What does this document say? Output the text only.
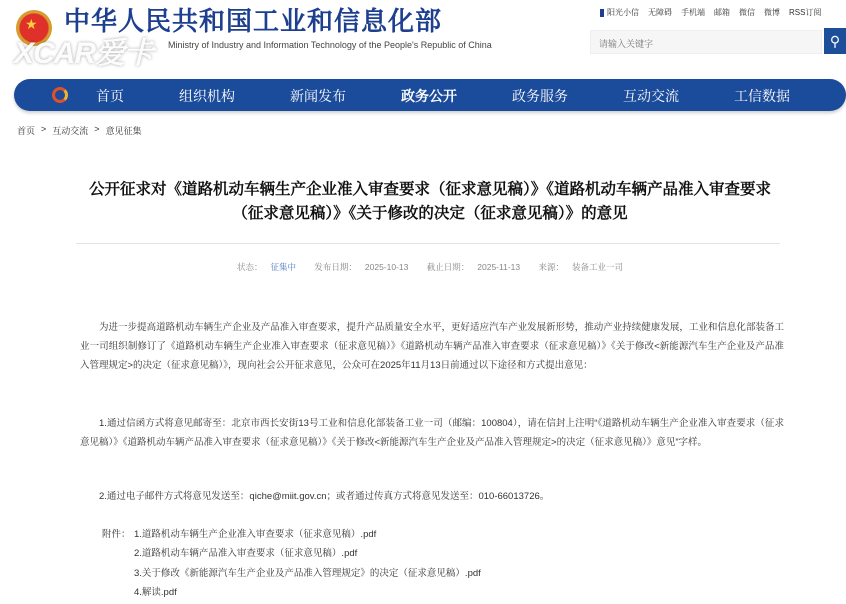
★ 中华人民共和国工业和信息化部
Ministry of Industry and Information Technology of the People's Republic of China
XCAR爱卡
阳光小信 无障碍 手机端 邮箱 微信 微博 RSS订阅
请输入关键字	⚲
首页	组织机构	新闻发布	政务公开	政务服务	互动交流	工信数据
首页 > 互动交流 > 意见征集
公开征求对《道路机动车辆生产企业准入审查要求（征求意见稿）》《道路机动车辆产品准入审查要求
（征求意见稿）》《关于修改的决定（征求意见稿）》的意见
状态： 征集中 发布日期： 2025-10-13 截止日期： 2025-11-13 来源： 装备工业一司

为进一步提高道路机动车辆生产企业及产品准入审查要求，提升产品质量安全水平，更好适应汽车产业发展新形势，推动产业持续健康发展，工业和信息化部装备工业一司组织制修订了《道路机动车辆生产企业准入审查要求（征求意见稿）》《道路机动车辆产品准入审查要求（征求意见稿）》《关于修改<新能源汽车生产企业及产品准入管理规定>的决定（征求意见稿）》，现向社会公开征求意见，公众可在2025年11月13日前通过以下途径和方式提出意见：

1.通过信函方式将意见邮寄至：北京市西长安街13号工业和信息化部装备工业一司（邮编：100804），请在信封上注明“《道路机动车辆生产企业准入审查要求（征求意见稿）》《道路机动车辆产品准入审查要求（征求意见稿）》《关于修改<新能源汽车生产企业及产品准入管理规定>的决定（征求意见稿）》意见”字样。

2.通过电子邮件方式将意见发送至：qiche@miit.gov.cn；或者通过传真方式将意见发送至：010-66013726。

附件： 1.道路机动车辆生产企业准入审查要求（征求意见稿）.pdf
2.道路机动车辆产品准入审查要求（征求意见稿）.pdf
3.关于修改《新能源汽车生产企业及产品准入管理规定》的决定（征求意见稿）.pdf
4.解读.pdf
